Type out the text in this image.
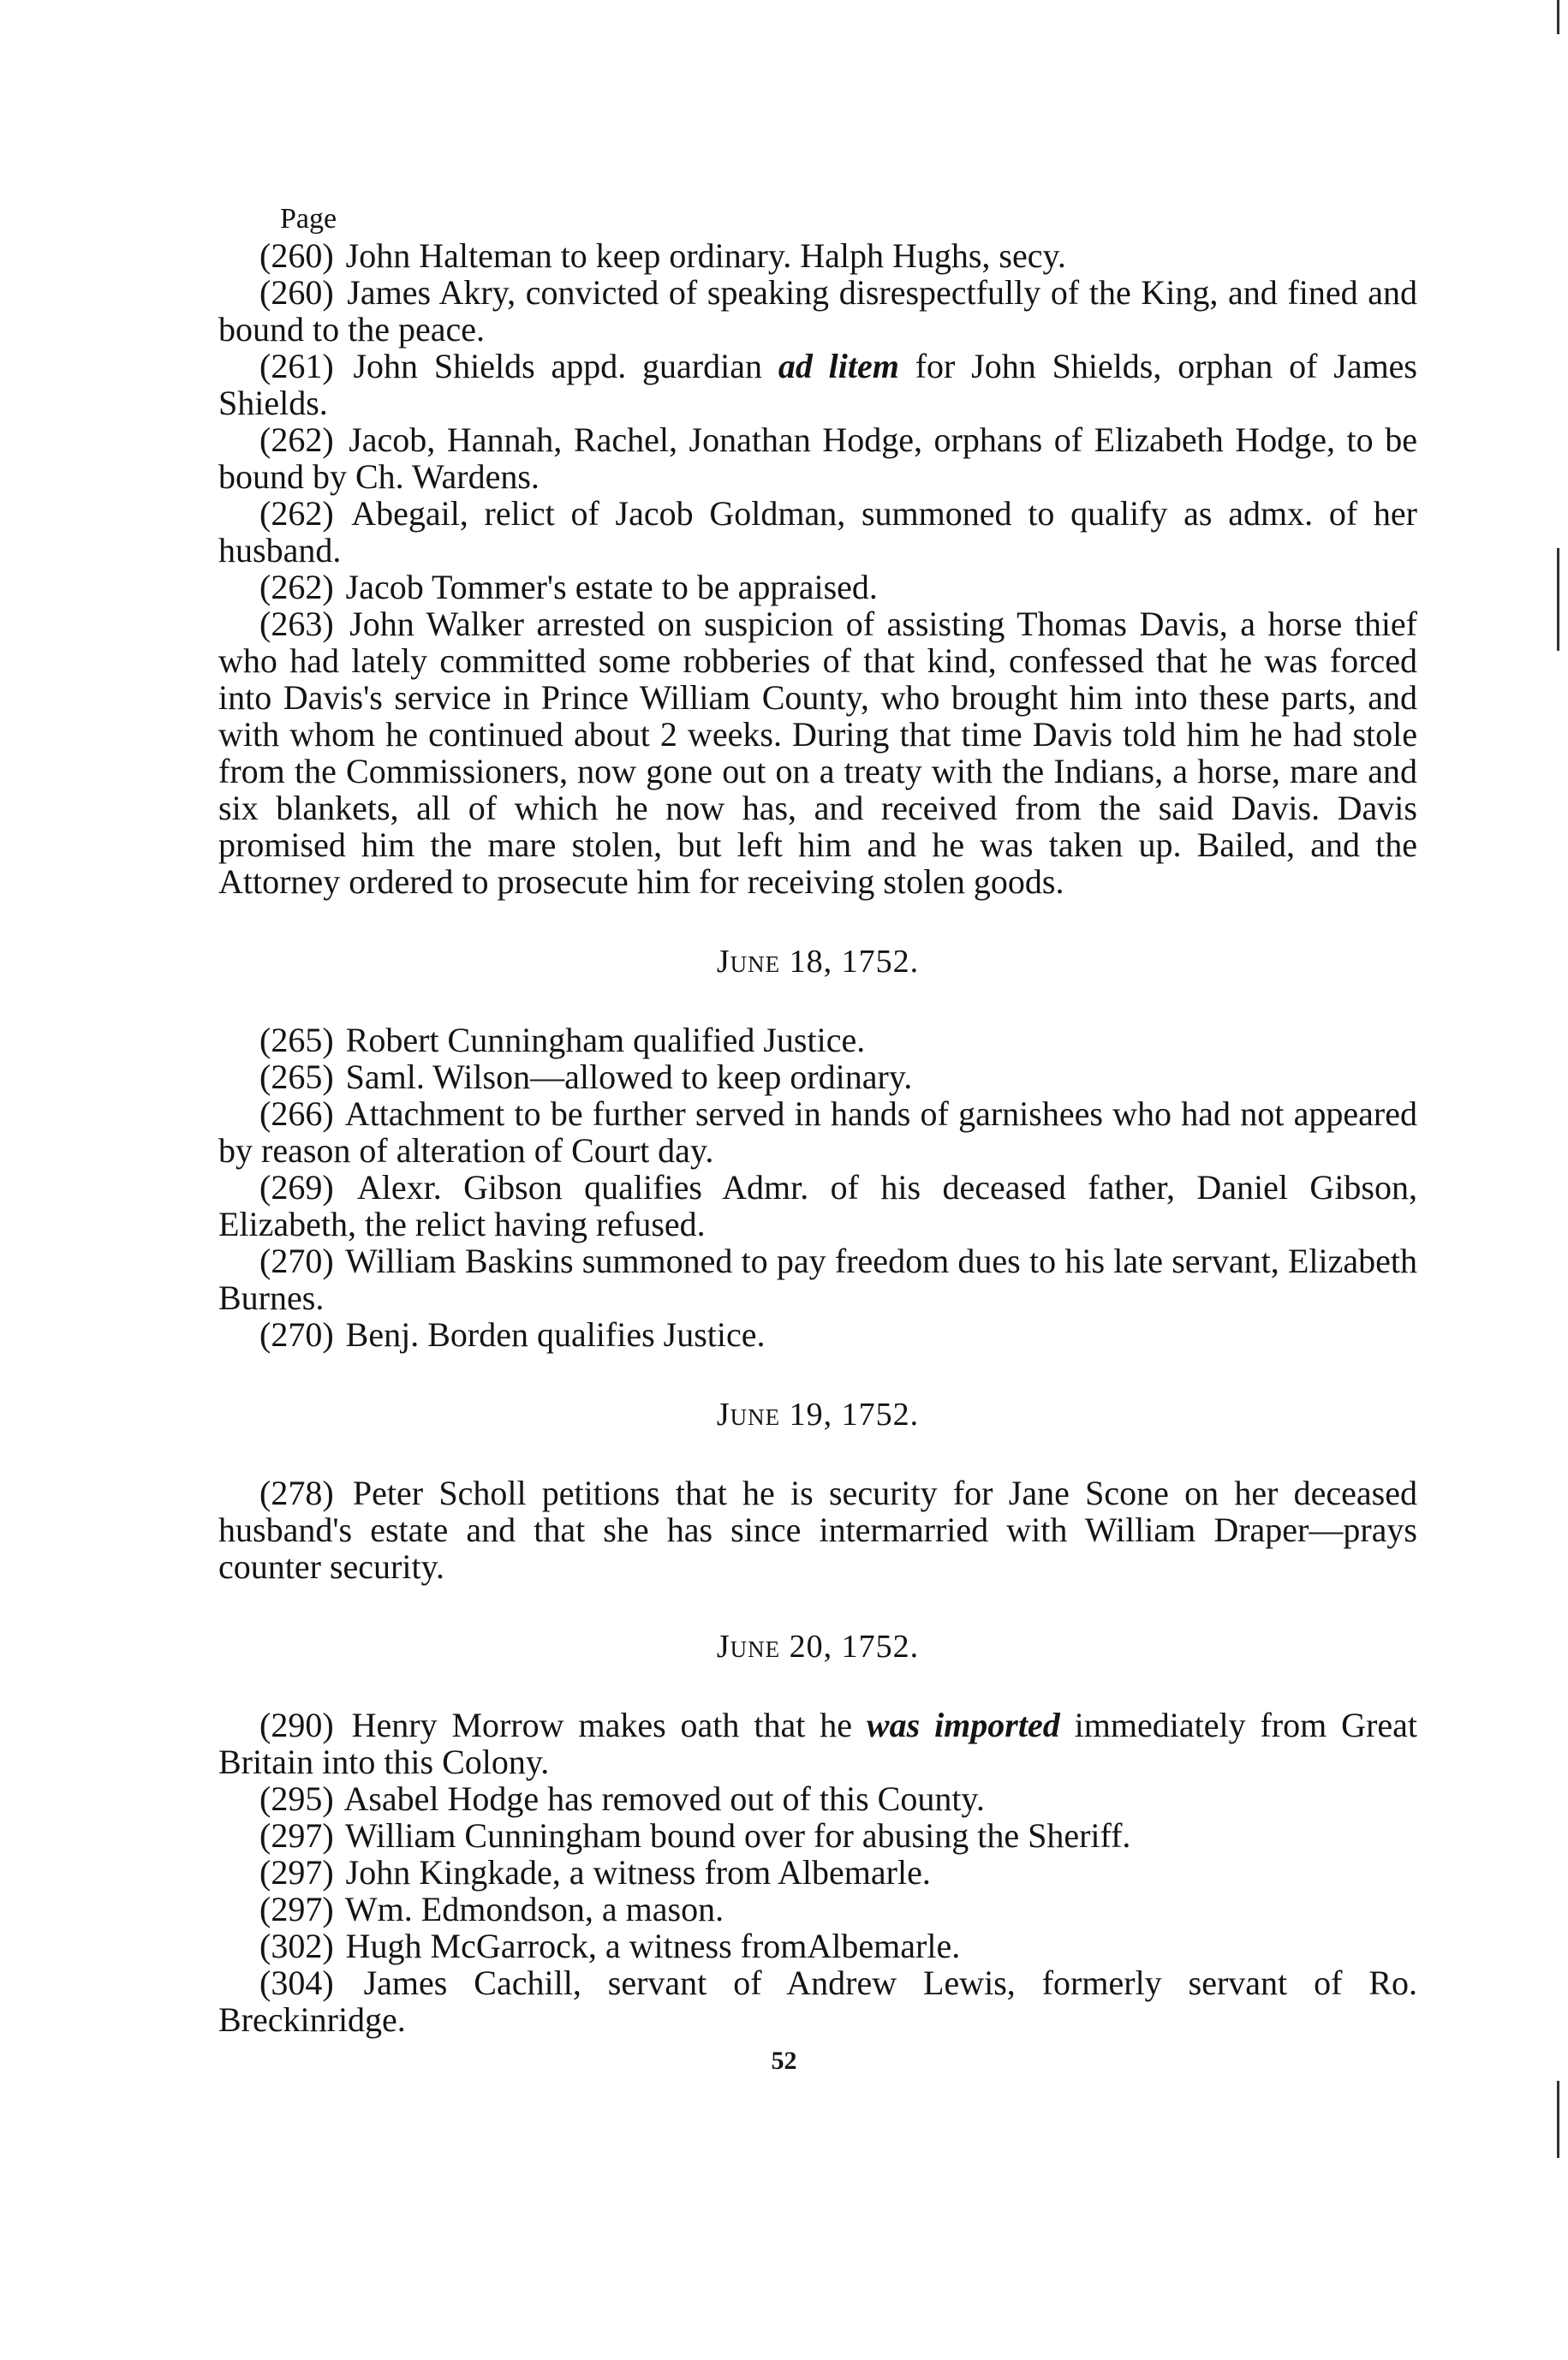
Page

(260) John Halteman to keep ordinary. Halph Hughs, secy.

(260) James Akry, convicted of speaking disrespectfully of the King, and fined and bound to the peace.

(261) John Shields appd. guardian ad litem for John Shields, orphan of James Shields.

(262) Jacob, Hannah, Rachel, Jonathan Hodge, orphans of Elizabeth Hodge, to be bound by Ch. Wardens.

(262) Abegail, relict of Jacob Goldman, summoned to qualify as admx. of her husband.

(262) Jacob Tommer's estate to be appraised.

(263) John Walker arrested on suspicion of assisting Thomas Davis, a horse thief who had lately committed some robberies of that kind, confessed that he was forced into Davis's service in Prince William County, who brought him into these parts, and with whom he continued about 2 weeks. During that time Davis told him he had stole from the Commissioners, now gone out on a treaty with the Indians, a horse, mare and six blankets, all of which he now has, and received from the said Davis. Davis promised him the mare stolen, but left him and he was taken up. Bailed, and the Attorney ordered to prosecute him for receiving stolen goods.

June 18, 1752.

(265) Robert Cunningham qualified Justice.

(265) Saml. Wilson—allowed to keep ordinary.

(266) Attachment to be further served in hands of garnishees who had not appeared by reason of alteration of Court day.

(269) Alexr. Gibson qualifies Admr. of his deceased father, Daniel Gibson, Elizabeth, the relict having refused.

(270) William Baskins summoned to pay freedom dues to his late servant, Elizabeth Burnes.

(270) Benj. Borden qualifies Justice.

June 19, 1752.

(278) Peter Scholl petitions that he is security for Jane Scone on her deceased husband's estate and that she has since intermarried with William Draper—prays counter security.

June 20, 1752.

(290) Henry Morrow makes oath that he was imported immediately from Great Britain into this Colony.

(295) Asabel Hodge has removed out of this County.

(297) William Cunningham bound over for abusing the Sheriff.

(297) John Kingkade, a witness from Albemarle.

(297) Wm. Edmondson, a mason.

(302) Hugh McGarrock, a witness fromAlbemarle.

(304) James Cachill, servant of Andrew Lewis, formerly servant of Ro. Breckinridge.

52
